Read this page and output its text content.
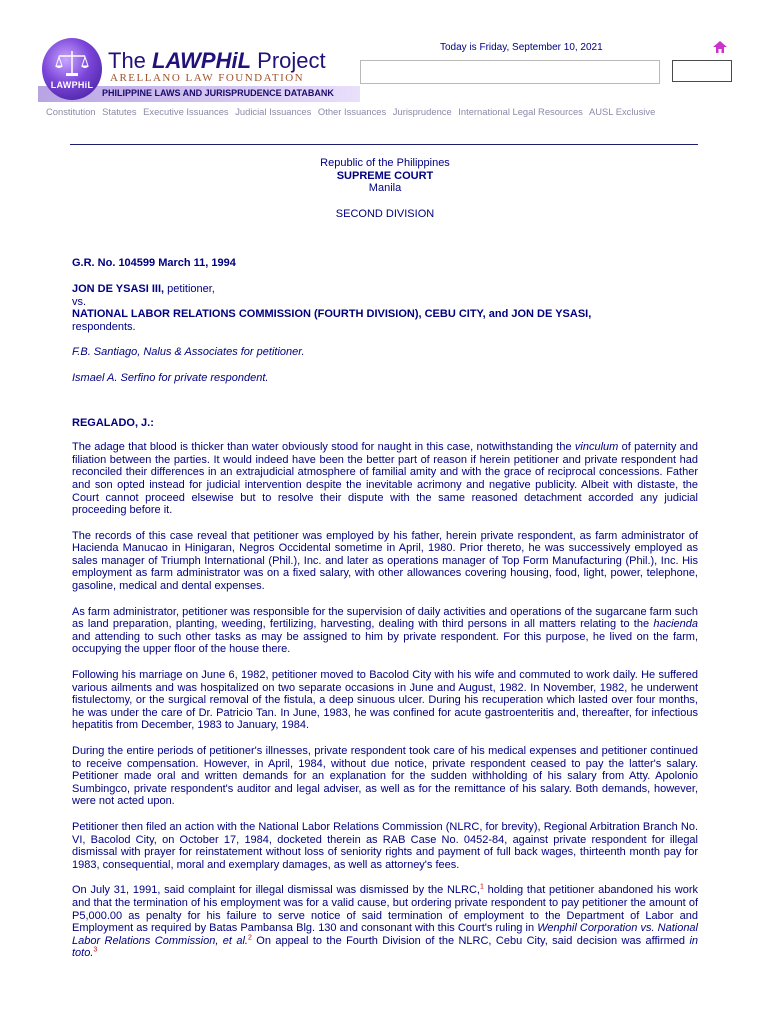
PHILIPPINE LAWS AND JURISPRUDENCE DATABANK
LAWPHiL
The LAWPHiL Project
ARELLANO LAW FOUNDATION
Today is Friday, September 10, 2021
Constitution Statutes Executive Issuances Judicial Issuances Other Issuances Jurisprudence International Legal Resources AUSL Exclusive
Republic of the Philippines
SUPREME COURT
Manila
SECOND DIVISION
G.R. No. 104599 March 11, 1994
JON DE YSASI III, petitioner,
vs.
NATIONAL LABOR RELATIONS COMMISSION (FOURTH DIVISION), CEBU CITY, and JON DE YSASI,
respondents.
F.B. Santiago, Nalus & Associates for petitioner.
Ismael A. Serfino for private respondent.
REGALADO, J.:

The adage that blood is thicker than water obviously stood for naught in this case, notwithstanding the vinculum of paternity and filiation between the parties. It would indeed have been the better part of reason if herein petitioner and private respondent had reconciled their differences in an extrajudicial atmosphere of familial amity and with the grace of reciprocal concessions. Father and son opted instead for judicial intervention despite the inevitable acrimony and negative publicity. Albeit with distaste, the Court cannot proceed elsewise but to resolve their dispute with the same reasoned detachment accorded any judicial proceeding before it.

The records of this case reveal that petitioner was employed by his father, herein private respondent, as farm administrator of Hacienda Manucao in Hinigaran, Negros Occidental sometime in April, 1980. Prior thereto, he was successively employed as sales manager of Triumph International (Phil.), Inc. and later as operations manager of Top Form Manufacturing (Phil.), Inc. His employment as farm administrator was on a fixed salary, with other allowances covering housing, food, light, power, telephone, gasoline, medical and dental expenses.

As farm administrator, petitioner was responsible for the supervision of daily activities and operations of the sugarcane farm such as land preparation, planting, weeding, fertilizing, harvesting, dealing with third persons in all matters relating to the hacienda and attending to such other tasks as may be assigned to him by private respondent. For this purpose, he lived on the farm, occupying the upper floor of the house there.

Following his marriage on June 6, 1982, petitioner moved to Bacolod City with his wife and commuted to work daily. He suffered various ailments and was hospitalized on two separate occasions in June and August, 1982. In November, 1982, he underwent fistulectomy, or the surgical removal of the fistula, a deep sinuous ulcer. During his recuperation which lasted over four months, he was under the care of Dr. Patricio Tan. In June, 1983, he was confined for acute gastroenteritis and, thereafter, for infectious hepatitis from December, 1983 to January, 1984.

During the entire periods of petitioner's illnesses, private respondent took care of his medical expenses and petitioner continued to receive compensation. However, in April, 1984, without due notice, private respondent ceased to pay the latter's salary. Petitioner made oral and written demands for an explanation for the sudden withholding of his salary from Atty. Apolonio Sumbingco, private respondent's auditor and legal adviser, as well as for the remittance of his salary. Both demands, however, were not acted upon.

Petitioner then filed an action with the National Labor Relations Commission (NLRC, for brevity), Regional Arbitration Branch No. VI, Bacolod City, on October 17, 1984, docketed therein as RAB Case No. 0452-84, against private respondent for illegal dismissal with prayer for reinstatement without loss of seniority rights and payment of full back wages, thirteenth month pay for 1983, consequential, moral and exemplary damages, as well as attorney's fees.

On July 31, 1991, said complaint for illegal dismissal was dismissed by the NLRC,$^1$ holding that petitioner abandoned his work and that the termination of his employment was for a valid cause, but ordering private respondent to pay petitioner the amount of P5,000.00 as penalty for his failure to serve notice of said termination of employment to the Department of Labor and Employment as required by Batas Pambansa Blg. 130 and consonant with this Court's ruling in Wenphil Corporation vs. National Labor Relations Commission, et al.$^2$ On appeal to the Fourth Division of the NLRC, Cebu City, said decision was affirmed in toto.$^3$
